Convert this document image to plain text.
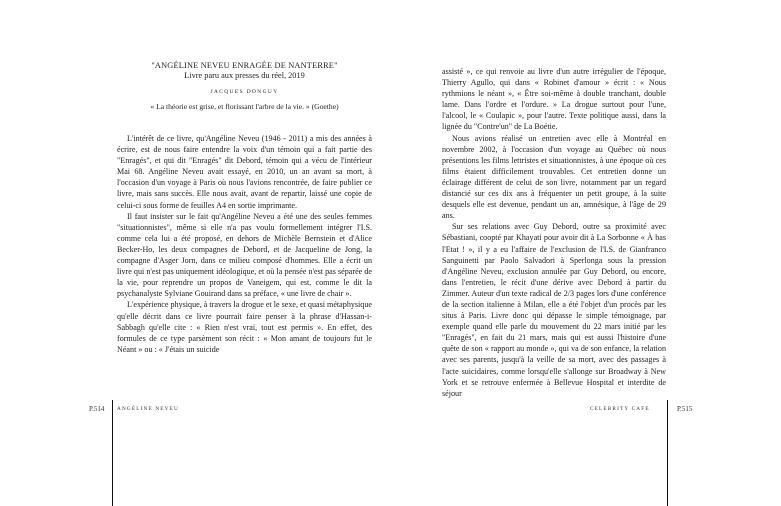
"ANGÉLINE NEVEU ENRAGÉE DE NANTERRE"
Livre paru aux presses du réel, 2019
JACQUES DONGUY
« La théorie est grise, et florissant l'arbre de la vie. » (Goethe)

L'intérêt de ce livre, qu'Angéline Neveu (1946 - 2011) a mis des années à écrire, est de nous faire entendre la voix d'un témoin qui a fait partie des "Enragés", et qui dit "Enragés" dit Debord, témoin qui a vécu de l'intérieur Mai 68. Angéline Neveu avait essayé, en 2010, un an avant sa mort, à l'occasion d'un voyage à Paris où nous l'avions rencontrée, de faire publier ce livre, mais sans succès. Elle nous avait, avant de repartir, laissé une copie de celui-ci sous forme de feuilles A4 en sortie imprimante.

Il faut insister sur le fait qu'Angéline Neveu a été une des seules femmes "situationnistes", même si elle n'a pas voulu formellement intégrer l'I.S. comme cela lui a été proposé, en dehors de Michèle Bernstein et d'Alice Becker-Ho, les deux compagnes de Debord, et de Jacqueline de Jong, la compagne d'Asger Jorn, dans ce milieu composé d'hommes. Elle a écrit un livre qui n'est pas uniquement idéologique, et où la pensée n'est pas séparée de la vie, pour reprendre un propos de Vaneigem, qui est, comme le dit la psychanalyste Sylviane Gouirand dans sa préface, « une livre de chair ».

L'expérience physique, à travers la drogue et le sexe, et quasi métaphysique qu'elle décrit dans ce livre pourrait faire penser à la phrase d'Hassan-i-Sabbagh qu'elle cite : « Rien n'est vrai, tout est permis ». En effet, des formules de ce type parsèment son récit : « Mon amant de toujours fut le Néant » ou : « J'étais un suicide

assisté », ce qui renvoie au livre d'un autre irrégulier de l'époque, Thierry Agullo, qui dans « Robinet d'amour » écrit : « Nous rythmions le néant », « Être soi-même à double tranchant, double lame. Dans l'ordre et l'ordure. » La drogue surtout pour l'une, l'alcool, le « Coulapic », pour l'autre. Texte politique aussi, dans la lignée du "Contre'un" de La Boétie.

Nous avions réalisé un entretien avec elle à Montréal en novembre 2002, à l'occasion d'un voyage au Québec où nous présentions les films lettristes et situationnistes, à une époque où ces films étaient difficilement trouvables. Cet entretien donne un éclairage différent de celui de son livre, notamment par un regard distancié sur ces dix ans à fréquenter un petit groupe, à la suite desquels elle est devenue, pendant un an, amnésique, à l'âge de 29 ans.

Sur ses relations avec Guy Debord, outre sa proximité avec Sébastiani, coopté par Khayati pour avoir dit à La Sorbonne « À bas l'Etat ! », il y a eu l'affaire de l'exclusion de l'I.S. de Gianfranco Sanguinetti par Paolo Salvadori à Sperlonga sous la pression d'Angéline Neveu, exclusion annulée par Guy Debord, ou encore, dans l'entretien, le récit d'une dérive avec Debord à partir du Zimmer. Auteur d'un texte radical de 2/3 pages lors d'une conférence de la section italienne à Milan, elle a été l'objet d'un procès par les situs à Paris. Livre donc qui dépasse le simple témoignage, par exemple quand elle parle du mouvement du 22 mars initié par les "Enragés", en fait du 21 mars, mais qui est aussi l'histoire d'une quête de son « rapport au monde », qui va de son enfance, la relation avec ses parents, jusqu'à la veille de sa mort, avec des passages à l'acte suicidaires, comme lorsqu'elle s'allonge sur Broadway à New York et se retrouve enfermée à Bellevue Hospital et interdite de séjour

P.514 ANGÉLINE NEVEU	CELEBRITY CAFE	P.515
